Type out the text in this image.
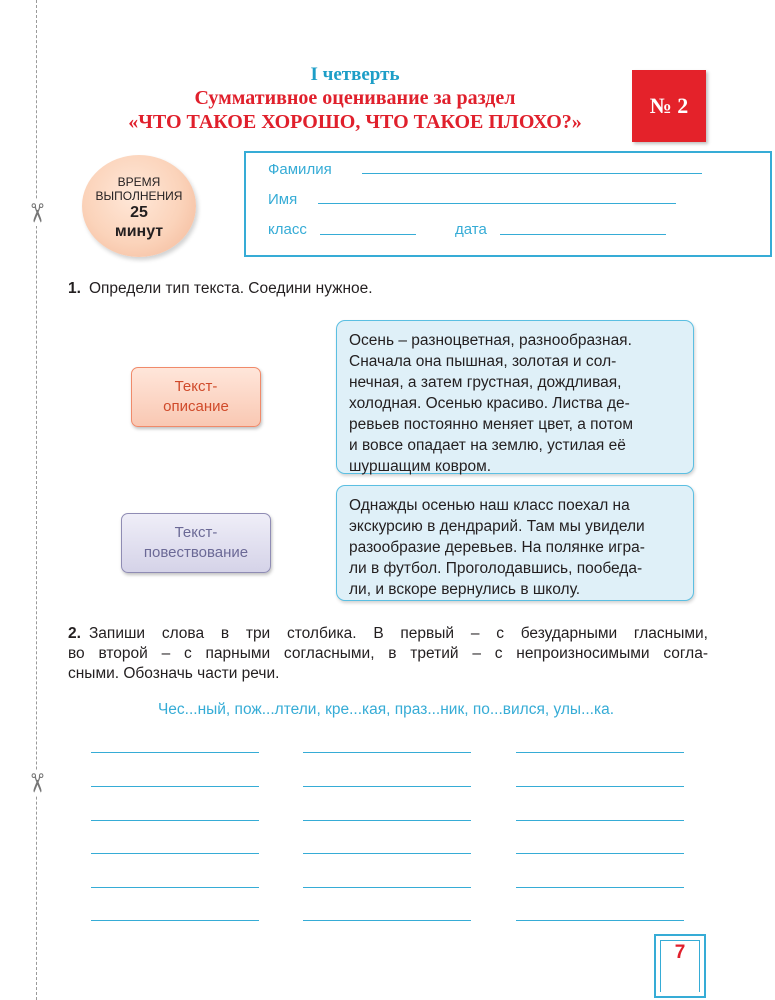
✂
✂
I четверть
Суммативное оценивание за раздел
«ЧТО ТАКОЕ ХОРОШО, ЧТО ТАКОЕ ПЛОХО?»
№ 2
ВРЕМЯ
ВЫПОЛНЕНИЯ
25
минут
Фамилия
Имя
класс	дата
1. Определи тип текста. Соедини нужное.
Текст-
описание
Текст-
повествование
Осень – разноцветная, разнообразная.
Сначала она пышная, золотая и сол-
нечная, а затем грустная, дождливая,
холодная. Осенью красиво. Листва де-
ревьев постоянно меняет цвет, а потом
и вовсе опадает на землю, устилая её
шуршащим ковром.
Однажды осенью наш класс поехал на
экскурсию в дендрарий. Там мы увидели
разообразие деревьев. На полянке игра-
ли в футбол. Проголодавшись, пообеда-
ли, и вскоре вернулись в школу.
2. Запиши слова в три столбика. В первый – с безударными гласными,
во второй – с парными согласными, в третий – с непроизносимыми согла-
сными. Обозначь части речи.
Чес...ный, пож...лтели, кре...кая, праз...ник, по...вился, улы...ка.
7
